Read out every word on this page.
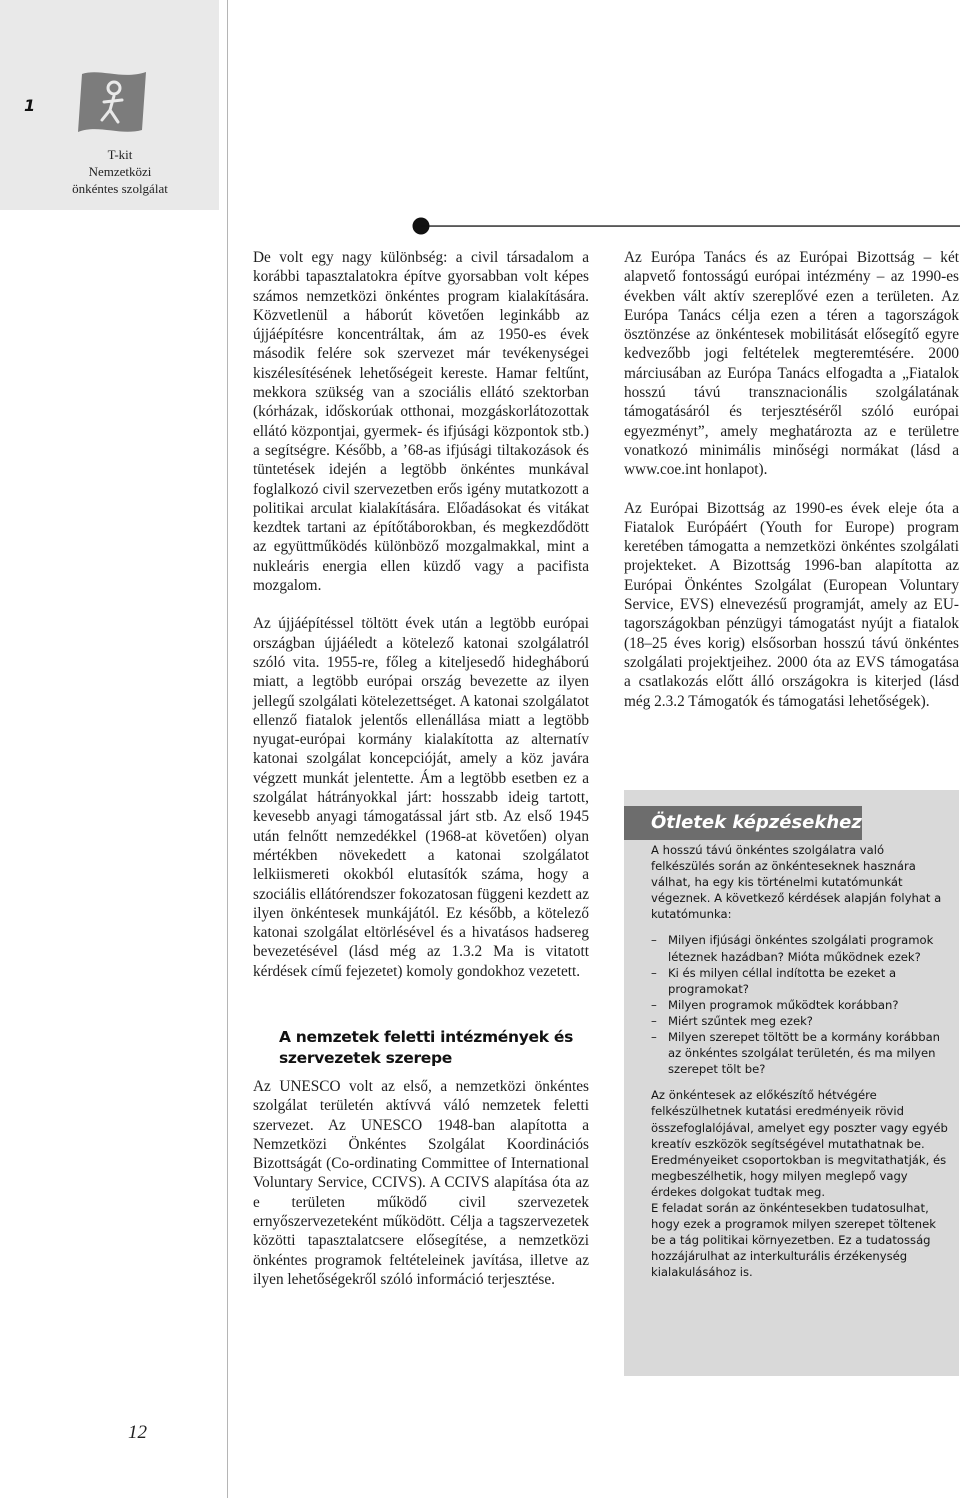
1
T-kit
Nemzetközi
önkéntes szolgálat

De volt egy nagy különbség: a civil társadalom a korábbi tapasztalatokra építve gyorsabban volt képes számos nemzetközi önkéntes program kialakítására. Közvetlenül a háborút követően leginkább az újjáépítésre koncentráltak, ám az 1950-es évek második felére sok szervezet már tevékenységei kiszélesítésének lehetőségeit kereste. Hamar feltűnt, mekkora szükség van a szociális ellátó szektorban (kórházak, időskorúak otthonai, mozgáskorlátozottak ellátó központjai, gyermek- és ifjúsági központok stb.) a segítségre. Később, a ’68-as ifjúsági tiltakozások és tüntetések idején a legtöbb önkéntes munkával foglalkozó civil szervezetben erős igény mutatkozott a politikai arculat kialakítására. Előadásokat és vitákat kezdtek tartani az építőtáborokban, és megkezdődött az együttműködés különböző mozgalmakkal, mint a nukleáris energia ellen küzdő vagy a pacifista mozgalom.

Az újjáépítéssel töltött évek után a legtöbb európai országban újjáéledt a kötelező katonai szolgálatról szóló vita. 1955-re, főleg a kiteljesedő hidegháború miatt, a legtöbb európai ország bevezette az ilyen jellegű szolgálati kötelezettséget. A katonai szolgálatot ellenző fiatalok jelentős ellenállása miatt a legtöbb nyugat-európai kormány kialakította az alternatív katonai szolgálat koncepcióját, amely a köz javára végzett munkát jelentette. Ám a legtöbb esetben ez a szolgálat hátrányokkal járt: hosszabb ideig tartott, kevesebb anyagi támogatással járt stb. Az első 1945 után felnőtt nemzedékkel (1968-at követően) olyan mértékben növekedett a katonai szolgálatot lelkiismereti okokból elutasítók száma, hogy a szociális ellátórendszer fokozatosan függeni kezdett az ilyen önkéntesek munkájától. Ez később, a kötelező katonai szolgálat eltörlésével és a hivatásos hadsereg bevezetésével (lásd még az 1.3.2 Ma is vitatott kérdések című fejezetet) komoly gondokhoz vezetett.

A nemzetek feletti intézmények és szervezetek szerepe

Az UNESCO volt az első, a nemzetközi önkéntes szolgálat területén aktívvá váló nemzetek feletti szervezet. Az UNESCO 1948-ban alapította a Nemzetközi Önkéntes Szolgálat Koordinációs Bizottságát (Co-ordinating Committee of International Voluntary Service, CCIVS). A CCIVS alapítása óta az e területen működő civil szervezetek ernyőszervezeteként működött. Célja a tagszervezetek közötti tapasztalatcsere elősegítése, a nemzetközi önkéntes programok feltételeinek javítása, illetve az ilyen lehetőségekről szóló információ terjesztése.

Az Európa Tanács és az Európai Bizottság – két alapvető fontosságú európai intézmény – az 1990-es években vált aktív szereplővé ezen a területen. Az Európa Tanács célja ezen a téren a tagországok ösztönzése az önkéntesek mobilitását elősegítő egyre kedvezőbb jogi feltételek megteremtésére. 2000 márciusában az Európa Tanács elfogadta a „Fiatalok hosszú távú transznacionális szolgálatának támogatásáról és terjesztéséről szóló európai egyezményt”, amely meghatározta az e területre vonatkozó minimális minőségi normákat (lásd a www.coe.int honlapot).

Az Európai Bizottság az 1990-es évek eleje óta a Fiatalok Európáért (Youth for Europe) program keretében támogatta a nemzetközi önkéntes szolgálati projekteket. A Bizottság 1996-ban alapította az Európai Önkéntes Szolgálat (European Voluntary Service, EVS) elnevezésű programját, amely az EU-tagországokban pénzügyi támogatást nyújt a fiatalok (18–25 éves korig) elsősorban hosszú távú önkéntes szolgálati projektjeihez. 2000 óta az EVS támogatása a csatlakozás előtt álló országokra is kiterjed (lásd még 2.3.2 Támogatók és támogatási lehetőségek).

Ötletek képzésekhez

A hosszú távú önkéntes szolgálatra való felkészülés során az önkénteseknek hasznára válhat, ha egy kis történelmi kutatómunkát végeznek. A következő kérdések alapján folyhat a kutatómunka:

– Milyen ifjúsági önkéntes szolgálati programok léteznek hazádban? Mióta működnek ezek?
– Ki és milyen céllal indította be ezeket a programokat?
– Milyen programok működtek korábban?
– Miért szűntek meg ezek?
– Milyen szerepet töltött be a kormány korábban az önkéntes szolgálat területén, és ma milyen szerepet tölt be?

Az önkéntesek az előkészítő hétvégére felkészülhetnek kutatási eredményeik rövid összefoglalójával, amelyet egy poszter vagy egyéb kreatív eszközök segítségével mutathatnak be. Eredményeiket csoportokban is megvitathatják, és megbeszélhetik, hogy milyen meglepő vagy érdekes dolgokat tudtak meg.

E feladat során az önkéntesekben tudatosulhat, hogy ezek a programok milyen szerepet töltenek be a tág politikai környezetben. Ez a tudatosság hozzájárulhat az interkulturális érzékenység kialakulásához is.

12
